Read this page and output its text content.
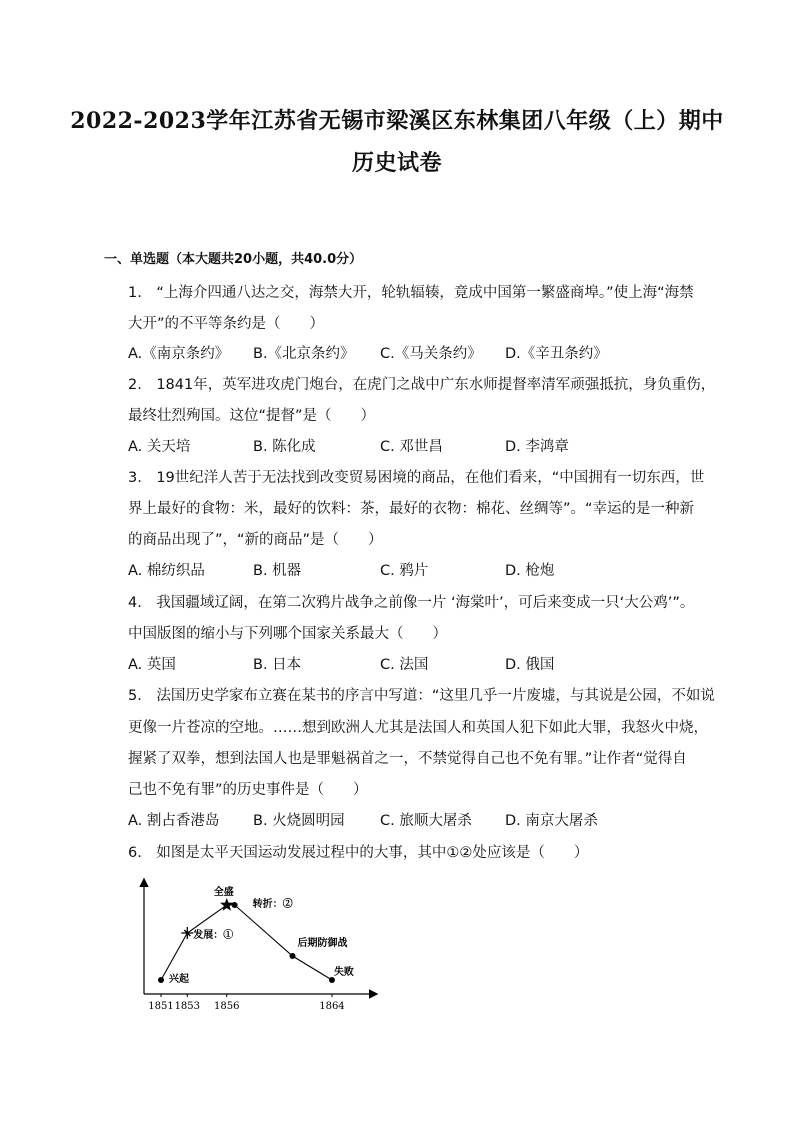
2022-2023学年江苏省无锡市梁溪区东林集团八年级（上）期中
历史试卷
一、单选题（本大题共20小题，共40.0分）
1.　“上海介四通八达之交，海禁大开，轮轨辐辏，竟成中国第一繁盛商埠。”使上海“海禁
大开”的不平等条约是（　　）
A.《南京条约》 B.《北京条约》 C.《马关条约》 D.《辛丑条约》
2.　1841年，英军进攻虎门炮台，在虎门之战中广东水师提督率清军顽强抵抗，身负重伤，
最终壮烈殉国。这位“提督”是（　　）
A. 关天培	B. 陈化成	C. 邓世昌	D. 李鸿章
3.　19世纪洋人苦于无法找到改变贸易困境的商品，在他们看来，“中国拥有一切东西，世
界上最好的食物：米，最好的饮料：茶，最好的衣物：棉花、丝绸等”。“幸运的是一种新
的商品出现了”，“新的商品”是（　　）
A. 棉纺织品	B. 机器	C. 鸦片	D. 枪炮
4.　我国疆域辽阔，在第二次鸦片战争之前像一片 ‘海棠叶’，可后来变成一只‘大公鸡’”。
中国版图的缩小与下列哪个国家关系最大（　　）
A. 英国	B. 日本	C. 法国	D. 俄国
5.　法国历史学家布立赛在某书的序言中写道：“这里几乎一片废墟，与其说是公园，不如说
更像一片苍凉的空地。……想到欧洲人尤其是法国人和英国人犯下如此大罪，我怒火中烧，
握紧了双拳，想到法国人也是罪魁祸首之一，不禁觉得自己也不免有罪。”让作者“觉得自
己也不免有罪”的历史事件是（　　）
A. 割占香港岛 B. 火烧圆明园 C. 旅顺大屠杀 D. 南京大屠杀
6.　如图是太平天国运动发展过程中的大事，其中①②处应该是（　　）
兴起
发展：①
全盛
转折：②
后期防御战
失败
1851 1853 1856	1864
